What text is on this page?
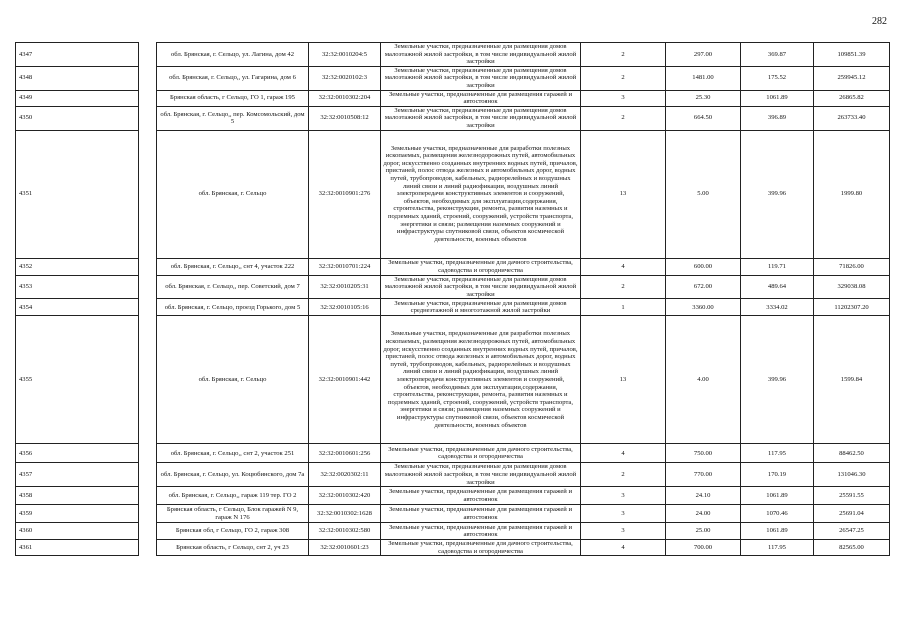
282
4347		обл. Брянская, г. Сельцо, ул. Лагина, дом 42	32:32:0010204:5	Земельные участки, предназначенные для размещения домов малоэтажной жилой застройки, в том числе индивидуальной жилой застройки	2	297.00	369.87	109851.39
4348		обл. Брянская, г. Сельцо,, ул. Гагарина, дом 6	32:32:0020102:3	Земельные участки, предназначенные для размещения домов малоэтажной жилой застройки, в том числе индивидуальной жилой застройки	2	1481.00	175.52	259945.12
4349		Брянская область, г Сельцо, ГО 1, гараж 195	32:32:0010302:204	Земельные участки, предназначенные для размещения гаражей и автостоянок	3	25.30	1061.89	26865.82
4350		обл. Брянская, г. Сельцо,, пер. Комсомольский, дом 5	32:32:0010508:12	Земельные участки, предназначенные для размещения домов малоэтажной жилой застройки, в том числе индивидуальной жилой застройки	2	664.50	396.89	263733.40
4351		обл. Брянская, г. Сельцо	32:32:0010901:276	Земельные участки, предназначенные для разработки полезных ископаемых, размещения железнодорожных путей, автомобильных дорог, искусственно созданных внутренних водных путей, причалов, пристаней, полос отвода железных и автомобильных дорог, водных путей, трубопроводов, кабельных, радиорелейных и воздушных линий связи и линий радиофикации, воздушных линий электропередачи конструктивных элементов и сооружений, объектов, необходимых для эксплуатации,содержания, строительства, реконструкции, ремонта, развития наземных и подземных зданий, строений, сооружений, устройств транспорта, энергетики и связи; размещения наземных сооружений и инфраструктуры спутниковой связи, объектов космической деятельности, военных объектов	13	5.00	399.96	1999.80
4352		обл. Брянская, г. Сельцо,, снт 4, участок 222	32:32:0010701:224	Земельные участки, предназначенные для дачного строительства, садоводства и огородничества	4	600.00	119.71	71826.00
4353		обл. Брянская, г. Сельцо,, пер. Советский, дом 7	32:32:0010205:31	Земельные участки, предназначенные для размещения домов малоэтажной жилой застройки, в том числе индивидуальной жилой застройки	2	672.00	489.64	329038.08
4354		обл. Брянская, г. Сельцо, проезд Горького, дом 5	32:32:0010105:16	Земельные участки, предназначенные для размещения домов среднеэтажной и многоэтажной жилой застройки	1	3360.00	3334.02	11202307.20
4355		обл. Брянская, г. Сельцо	32:32:0010901:442	Земельные участки, предназначенные для разработки полезных ископаемых, размещения железнодорожных путей, автомобильных дорог, искусственно созданных внутренних водных путей, причалов, пристаней, полос отвода железных и автомобильных дорог, водных путей, трубопроводов, кабельных, радиорелейных и воздушных линий связи и линий радиофикации, воздушных линий электропередачи конструктивных элементов и сооружений, объектов, необходимых для эксплуатации,содержания, строительства, реконструкции, ремонта, развития наземных и подземных зданий, строений, сооружений, устройств транспорта, энергетики и связи; размещения наземных сооружений и инфраструктуры спутниковой связи, объектов космической деятельности, военных объектов	13	4.00	399.96	1599.84
4356		обл. Брянская, г. Сельцо,, снт 2, участок 251	32:32:0010601:256	Земельные участки, предназначенные для дачного строительства, садоводства и огородничества	4	750.00	117.95	88462.50
4357		обл. Брянская, г. Сельцо, ул. Коцюбинского, дом 7а	32:32:0020302:11	Земельные участки, предназначенные для размещения домов малоэтажной жилой застройки, в том числе индивидуальной жилой застройки	2	770.00	170.19	131046.30
4358		обл. Брянская, г. Сельцо,, гараж 119 тер. ГО 2	32:32:0010302:420	Земельные участки, предназначенные для размещения гаражей и автостоянок	3	24.10	1061.89	25591.55
4359		Брянская область, г Сельцо, Блок гаражей N 9, гараж N 176	32:32:0010302:1628	Земельные участки, предназначенные для размещения гаражей и автостоянок	3	24.00	1070.46	25691.04
4360		Брянская обл, г Сельцо, ГО 2, гараж 308	32:32:0010302:580	Земельные участки, предназначенные для размещения гаражей и автостоянок	3	25.00	1061.89	26547.25
4361		Брянская область, г Сельцо, снт 2, уч 23	32:32:0010601:23	Земельные участки, предназначенные для дачного строительства, садоводства и огородничества	4	700.00	117.95	82565.00
